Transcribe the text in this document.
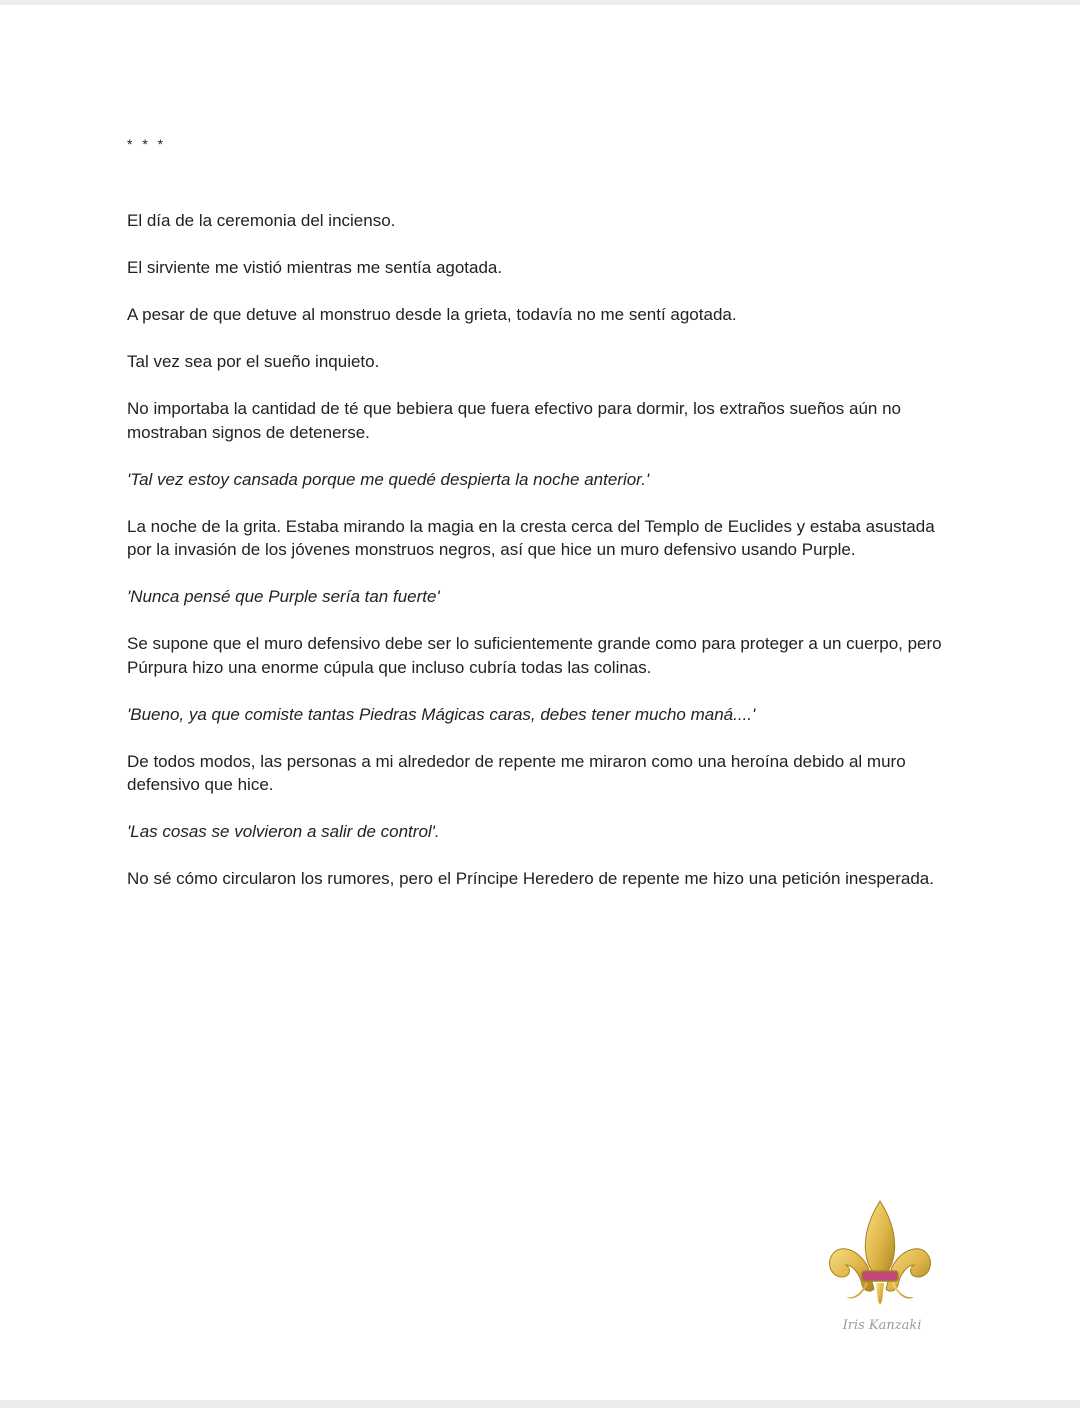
* * *

El día de la ceremonia del incienso.

El sirviente me vistió mientras me sentía agotada.

A pesar de que detuve al monstruo desde la grieta, todavía no me sentí agotada.

Tal vez sea por el sueño inquieto.

No importaba la cantidad de té que bebiera que fuera efectivo para dormir, los extraños sueños aún no mostraban signos de detenerse.

'Tal vez estoy cansada porque me quedé despierta la noche anterior.'

La noche de la grita. Estaba mirando la magia en la cresta cerca del Templo de Euclides y estaba asustada por la invasión de los jóvenes monstruos negros, así que hice un muro defensivo usando Purple.

'Nunca pensé que Purple sería tan fuerte'

Se supone que el muro defensivo debe ser lo suficientemente grande como para proteger a un cuerpo, pero Púrpura hizo una enorme cúpula que incluso cubría todas las colinas.

'Bueno, ya que comiste tantas Piedras Mágicas caras, debes tener mucho maná....'

De todos modos, las personas a mi alrededor de repente me miraron como una heroína debido al muro defensivo que hice.

'Las cosas se volvieron a salir de control'.

No sé cómo circularon los rumores, pero el Príncipe Heredero de repente me hizo una petición inesperada.

Iris Kanzaki
